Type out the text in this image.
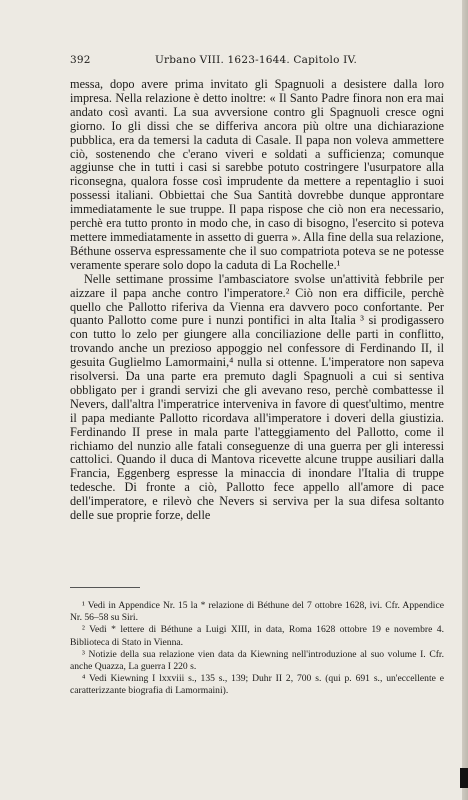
392	Urbano VIII. 1623-1644. Capitolo IV.

messa, dopo avere prima invitato gli Spagnuoli a desistere dalla loro impresa. Nella relazione è detto inoltre: « Il Santo Padre finora non era mai andato così avanti. La sua avversione contro gli Spagnuoli cresce ogni giorno. Io gli dissi che se differiva ancora più oltre una dichiarazione pubblica, era da temersi la caduta di Casale. Il papa non voleva ammettere ciò, sostenendo che c'erano viveri e soldati a sufficienza; comunque aggiunse che in tutti i casi si sarebbe potuto costringere l'usurpatore alla riconsegna, qualora fosse così imprudente da mettere a repentaglio i suoi possessi italiani. Obbiettai che Sua Santità dovrebbe dunque approntare immediatamente le sue truppe. Il papa rispose che ciò non era necessario, perchè era tutto pronto in modo che, in caso di bisogno, l'esercito si poteva mettere immediatamente in assetto di guerra ». Alla fine della sua relazione, Béthune osserva espressamente che il suo compatriota poteva se ne potesse veramente sperare solo dopo la caduta di La Rochelle.¹

Nelle settimane prossime l'ambasciatore svolse un'attività febbrile per aizzare il papa anche contro l'imperatore.² Ciò non era difficile, perchè quello che Pallotto riferiva da Vienna era davvero poco confortante. Per quanto Pallotto come pure i nunzi pontifici in alta Italia ³ si prodigassero con tutto lo zelo per giungere alla conciliazione delle parti in conflitto, trovando anche un prezioso appoggio nel confessore di Ferdinando II, il gesuita Guglielmo Lamormaini,⁴ nulla si ottenne. L'imperatore non sapeva risolversi. Da una parte era premuto dagli Spagnuoli a cui si sentiva obbligato per i grandi servizi che gli avevano reso, perchè combattesse il Nevers, dall'altra l'imperatrice interveniva in favore di quest'ultimo, mentre il papa mediante Pallotto ricordava all'imperatore i doveri della giustizia. Ferdinando II prese in mala parte l'atteggiamento del Pallotto, come il richiamo del nunzio alle fatali conseguenze di una guerra per gli interessi cattolici. Quando il duca di Mantova ricevette alcune truppe ausiliari dalla Francia, Eggenberg espresse la minaccia di inondare l'Italia di truppe tedesche. Di fronte a ciò, Pallotto fece appello all'amore di pace dell'imperatore, e rilevò che Nevers si serviva per la sua difesa soltanto delle sue proprie forze, delle

¹ Vedi in Appendice Nr. 15 la * relazione di Béthune del 7 ottobre 1628, ivi. Cfr. Appendice Nr. 56–58 su Siri.

² Vedi * lettere di Béthune a Luigi XIII, in data, Roma 1628 ottobre 19 e novembre 4. Biblioteca di Stato in Vienna.

³ Notizie della sua relazione vien data da Kiewning nell'introduzione al suo volume I. Cfr. anche Quazza, La guerra I 220 s.

⁴ Vedi Kiewning I lxxviii s., 135 s., 139; Duhr II 2, 700 s. (qui p. 691 s., un'eccellente e caratterizzante biografia di Lamormaini).
